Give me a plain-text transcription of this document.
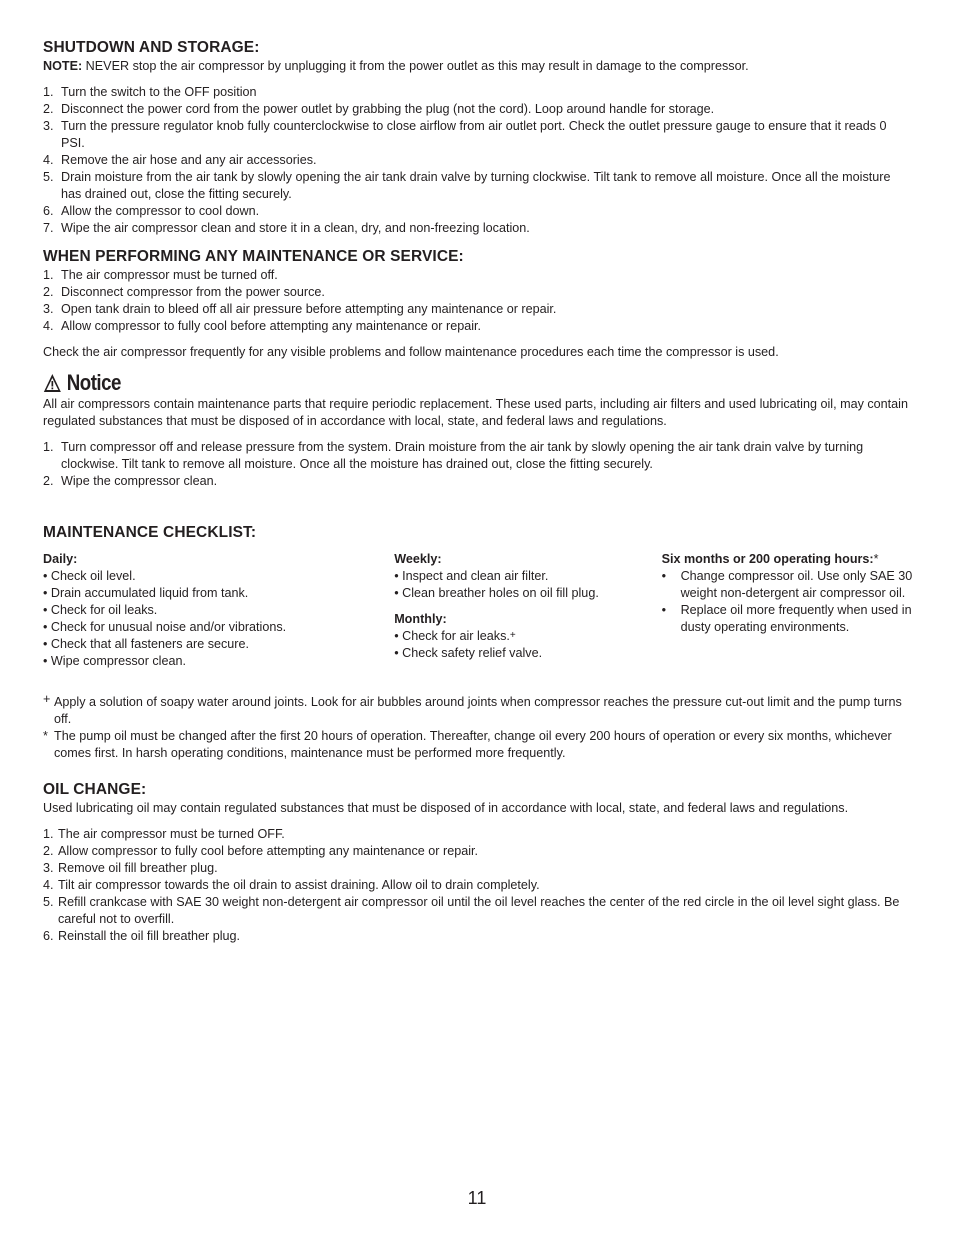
SHUTDOWN AND STORAGE:

NOTE: NEVER stop the air compressor by unplugging it from the power outlet as this may result in damage to the compressor.

1. Turn the switch to the OFF position
2. Disconnect the power cord from the power outlet by grabbing the plug (not the cord). Loop around handle for storage.
3. Turn the pressure regulator knob fully counterclockwise to close airflow from air outlet port. Check the outlet pressure gauge to ensure that it reads 0 PSI.
4. Remove the air hose and any air accessories.
5. Drain moisture from the air tank by slowly opening the air tank drain valve by turning clockwise. Tilt tank to remove all moisture. Once all the moisture has drained out, close the fitting securely.
6. Allow the compressor to cool down.
7. Wipe the air compressor clean and store it in a clean, dry, and non-freezing location.
WHEN PERFORMING ANY MAINTENANCE OR SERVICE:
1. The air compressor must be turned off.
2. Disconnect compressor from the power source.
3. Open tank drain to bleed off all air pressure before attempting any maintenance or repair.
4. Allow compressor to fully cool before attempting any maintenance or repair.

Check the air compressor frequently for any visible problems and follow maintenance procedures each time the compressor is used.

Notice

All air compressors contain maintenance parts that require periodic replacement. These used parts, including air filters and used lubricating oil, may contain regulated substances that must be disposed of in accordance with local, state, and federal laws and regulations.

1. Turn compressor off and release pressure from the system. Drain moisture from the air tank by slowly opening the air tank drain valve by turning clockwise. Tilt tank to remove all moisture. Once all the moisture has drained out, close the fitting securely.
2. Wipe the compressor clean.
MAINTENANCE CHECKLIST:
Daily:
• Check oil level.
• Drain accumulated liquid from tank.
• Check for oil leaks.
• Check for unusual noise and/or vibrations.
• Check that all fasteners are secure.
• Wipe compressor clean.
Weekly:
• Inspect and clean air filter.
• Clean breather holes on oil fill plug.
Monthly:
• Check for air leaks.+
• Check safety relief valve.
Six months or 200 operating hours:*
• Change compressor oil. Use only SAE 30 weight non-detergent air compressor oil.
• Replace oil more frequently when used in dusty operating environments.

+ Apply a solution of soapy water around joints. Look for air bubbles around joints when compressor reaches the pressure cut-out limit and the pump turns off.

* The pump oil must be changed after the first 20 hours of operation. Thereafter, change oil every 200 hours of operation or every six months, whichever comes first. In harsh operating conditions, maintenance must be performed more frequently.

OIL CHANGE:

Used lubricating oil may contain regulated substances that must be disposed of in accordance with local, state, and federal laws and regulations.

1. The air compressor must be turned OFF.
2. Allow compressor to fully cool before attempting any maintenance or repair.
3. Remove oil fill breather plug.
4. Tilt air compressor towards the oil drain to assist draining. Allow oil to drain completely.
5. Refill crankcase with SAE 30 weight non-detergent air compressor oil until the oil level reaches the center of the red circle in the oil level sight glass. Be careful not to overfill.
6. Reinstall the oil fill breather plug.
11
